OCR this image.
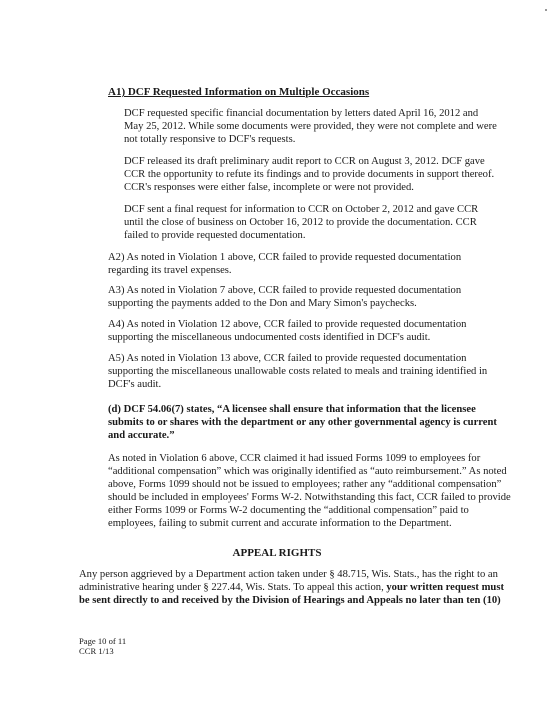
A1) DCF Requested Information on Multiple Occasions
DCF requested specific financial documentation by letters dated April 16, 2012 and May 25, 2012. While some documents were provided, they were not complete and were not totally responsive to DCF's requests.
DCF released its draft preliminary audit report to CCR on August 3, 2012. DCF gave CCR the opportunity to refute its findings and to provide documents in support thereof. CCR's responses were either false, incomplete or were not provided.
DCF sent a final request for information to CCR on October 2, 2012 and gave CCR until the close of business on October 16, 2012 to provide the documentation. CCR failed to provide requested documentation.
A2) As noted in Violation 1 above, CCR failed to provide requested documentation regarding its travel expenses.
A3) As noted in Violation 7 above, CCR failed to provide requested documentation supporting the payments added to the Don and Mary Simon's paychecks.
A4) As noted in Violation 12 above, CCR failed to provide requested documentation supporting the miscellaneous undocumented costs identified in DCF's audit.
A5) As noted in Violation 13 above, CCR failed to provide requested documentation supporting the miscellaneous unallowable costs related to meals and training identified in DCF's audit.
(d) DCF 54.06(7) states, “A licensee shall ensure that information that the licensee submits to or shares with the department or any other governmental agency is current and accurate.”
As noted in Violation 6 above, CCR claimed it had issued Forms 1099 to employees for “additional compensation” which was originally identified as “auto reimbursement.” As noted above, Forms 1099 should not be issued to employees; rather any “additional compensation” should be included in employees' Forms W-2. Notwithstanding this fact, CCR failed to provide either Forms 1099 or Forms W-2 documenting the “additional compensation” paid to employees, failing to submit current and accurate information to the Department.
APPEAL RIGHTS
Any person aggrieved by a Department action taken under § 48.715, Wis. Stats., has the right to an administrative hearing under § 227.44, Wis. Stats. To appeal this action, your written request must be sent directly to and received by the Division of Hearings and Appeals no later than ten (10)
Page 10 of 11
CCR 1/13
